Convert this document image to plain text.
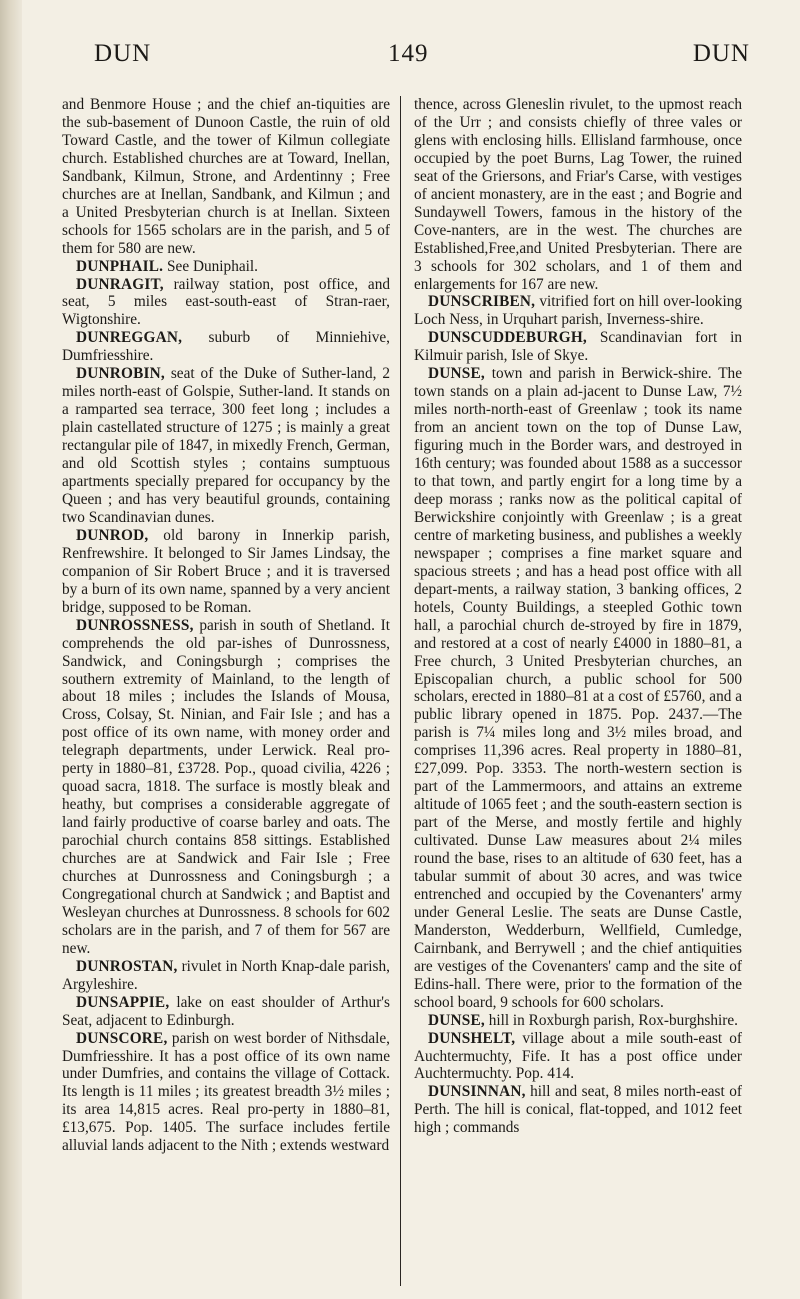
DUN	149	DUN

and Benmore House ; and the chief an-tiquities are the sub-basement of Dunoon Castle, the ruin of old Toward Castle, and the tower of Kilmun collegiate church. Established churches are at Toward, Inellan, Sandbank, Kilmun, Strone, and Ardentinny ; Free churches are at Inellan, Sandbank, and Kilmun ; and a United Presbyterian church is at Inellan. Sixteen schools for 1565 scholars are in the parish, and 5 of them for 580 are new.

DUNPHAIL. See Duniphail.

DUNRAGIT, railway station, post office, and seat, 5 miles east-south-east of Stran-raer, Wigtonshire.

DUNREGGAN, suburb of Minniehive, Dumfriesshire.

DUNROBIN, seat of the Duke of Suther-land, 2 miles north-east of Golspie, Suther-land. It stands on a ramparted sea terrace, 300 feet long ; includes a plain castellated structure of 1275 ; is mainly a great rectangular pile of 1847, in mixedly French, German, and old Scottish styles ; contains sumptuous apartments specially prepared for occupancy by the Queen ; and has very beautiful grounds, containing two Scandinavian dunes.

DUNROD, old barony in Innerkip parish, Renfrewshire. It belonged to Sir James Lindsay, the companion of Sir Robert Bruce ; and it is traversed by a burn of its own name, spanned by a very ancient bridge, supposed to be Roman.

DUNROSSNESS, parish in south of Shetland. It comprehends the old par-ishes of Dunrossness, Sandwick, and Coningsburgh ; comprises the southern extremity of Mainland, to the length of about 18 miles ; includes the Islands of Mousa, Cross, Colsay, St. Ninian, and Fair Isle ; and has a post office of its own name, with money order and telegraph departments, under Lerwick. Real pro-perty in 1880–81, £3728. Pop., quoad civilia, 4226 ; quoad sacra, 1818. The surface is mostly bleak and heathy, but comprises a considerable aggregate of land fairly productive of coarse barley and oats. The parochial church contains 858 sittings. Established churches are at Sandwick and Fair Isle ; Free churches at Dunrossness and Coningsburgh ; a Congregational church at Sandwick ; and Baptist and Wesleyan churches at Dunrossness. 8 schools for 602 scholars are in the parish, and 7 of them for 567 are new.

DUNROSTAN, rivulet in North Knap-dale parish, Argyleshire.

DUNSAPPIE, lake on east shoulder of Arthur's Seat, adjacent to Edinburgh.

DUNSCORE, parish on west border of Nithsdale, Dumfriesshire. It has a post office of its own name under Dumfries, and contains the village of Cottack. Its length is 11 miles ; its greatest breadth 3½ miles ; its area 14,815 acres. Real pro-perty in 1880–81, £13,675. Pop. 1405. The surface includes fertile alluvial lands adjacent to the Nith ; extends westward

thence, across Gleneslin rivulet, to the upmost reach of the Urr ; and consists chiefly of three vales or glens with enclosing hills. Ellisland farmhouse, once occupied by the poet Burns, Lag Tower, the ruined seat of the Griersons, and Friar's Carse, with vestiges of ancient monastery, are in the east ; and Bogrie and Sundaywell Towers, famous in the history of the Cove-nanters, are in the west. The churches are Established,Free,and United Presbyterian. There are 3 schools for 302 scholars, and 1 of them and enlargements for 167 are new.

DUNSCRIBEN, vitrified fort on hill over-looking Loch Ness, in Urquhart parish, Inverness-shire.

DUNSCUDDEBURGH, Scandinavian fort in Kilmuir parish, Isle of Skye.

DUNSE, town and parish in Berwick-shire. The town stands on a plain ad-jacent to Dunse Law, 7½ miles north-north-east of Greenlaw ; took its name from an ancient town on the top of Dunse Law, figuring much in the Border wars, and destroyed in 16th century; was founded about 1588 as a successor to that town, and partly engirt for a long time by a deep morass ; ranks now as the political capital of Berwickshire conjointly with Greenlaw ; is a great centre of marketing business, and publishes a weekly newspaper ; comprises a fine market square and spacious streets ; and has a head post office with all depart-ments, a railway station, 3 banking offices, 2 hotels, County Buildings, a steepled Gothic town hall, a parochial church de-stroyed by fire in 1879, and restored at a cost of nearly £4000 in 1880–81, a Free church, 3 United Presbyterian churches, an Episcopalian church, a public school for 500 scholars, erected in 1880–81 at a cost of £5760, and a public library opened in 1875. Pop. 2437.—The parish is 7¼ miles long and 3½ miles broad, and comprises 11,396 acres. Real property in 1880–81, £27,099. Pop. 3353. The north-western section is part of the Lammermoors, and attains an extreme altitude of 1065 feet ; and the south-eastern section is part of the Merse, and mostly fertile and highly cultivated. Dunse Law measures about 2¼ miles round the base, rises to an altitude of 630 feet, has a tabular summit of about 30 acres, and was twice entrenched and occupied by the Covenanters' army under General Leslie. The seats are Dunse Castle, Manderston, Wedderburn, Wellfield, Cumledge, Cairnbank, and Berrywell ; and the chief antiquities are vestiges of the Covenanters' camp and the site of Edins-hall. There were, prior to the formation of the school board, 9 schools for 600 scholars.

DUNSE, hill in Roxburgh parish, Rox-burghshire.

DUNSHELT, village about a mile south-east of Auchtermuchty, Fife. It has a post office under Auchtermuchty. Pop. 414.

DUNSINNAN, hill and seat, 8 miles north-east of Perth. The hill is conical, flat-topped, and 1012 feet high ; commands
